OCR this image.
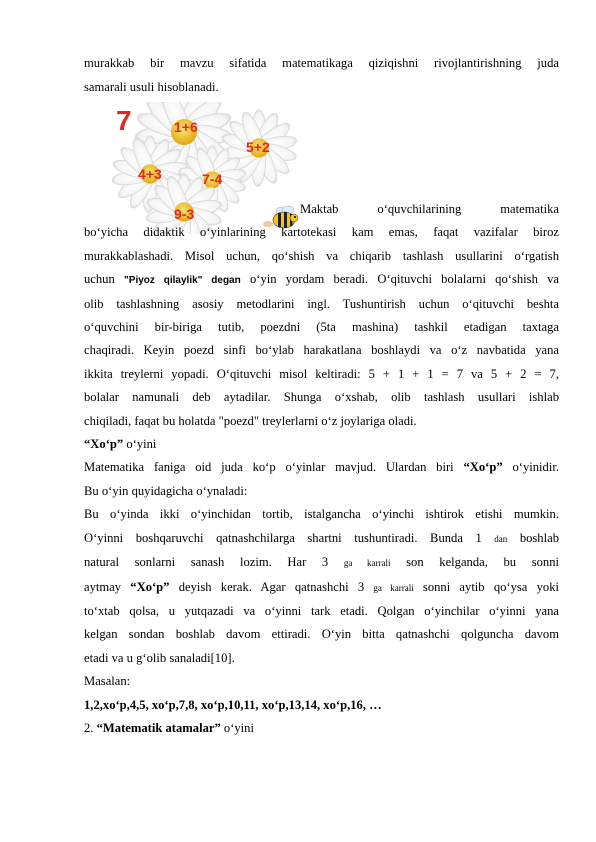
murakkab bir mavzu sifatida matematikaga qiziqishni rivojlantirishning juda

samarali usuli hisoblanadi.

7	1+6
5+2
4+3	7-4
9-3	Maktab	o‘quvchilarining	matematika

bo‘yicha didaktik o‘yinlarining kartotekasi kam emas, faqat vazifalar biroz

murakkablashadi. Misol uchun, qo‘shish va chiqarib tashlash usullarini o‘rgatish

uchun "Piyoz qilaylik" degan o‘yin yordam beradi. O‘qituvchi bolalarni qo‘shish va

olib tashlashning asosiy metodlarini ingl. Tushuntirish uchun o‘qituvchi beshta

o‘quvchini bir-biriga tutib, poezdni (5ta mashina) tashkil etadigan taxtaga

chaqiradi. Keyin poezd sinfi bo‘ylab harakatlana boshlaydi va o‘z navbatida yana

ikkita treylerni yopadi. O‘qituvchi misol keltiradi: 5 + 1 + 1 = 7 va 5 + 2 = 7,

bolalar namunali deb aytadilar. Shunga o‘xshab, olib tashlash usullari ishlab

chiqiladi, faqat bu holatda "poezd" treylerlarni o‘z joylariga oladi.

“Xo‘p” o‘yini

Matematika faniga oid juda ko‘p o‘yinlar mavjud. Ulardan biri “Xo‘p” o‘yinidir.

Bu o‘yin quyidagicha o‘ynaladi:

Bu o‘yinda ikki o‘yinchidan tortib, istalgancha o‘yinchi ishtirok etishi mumkin.

O‘yinni boshqaruvchi qatnashchilarga shartni tushuntiradi. Bunda 1 dan boshlab

natural sonlarni sanash lozim. Har 3 ga karrali son kelganda, bu sonni

aytmay “Xo‘p” deyish kerak. Agar qatnashchi 3 ga karrali sonni aytib qo‘ysa yoki

to‘xtab qolsa, u yutqazadi va o‘yinni tark etadi. Qolgan o‘yinchilar o‘yinni yana

kelgan sondan boshlab davom ettiradi. O‘yin bitta qatnashchi qolguncha davom

etadi va u g‘olib sanaladi[10].

Masalan:

1,2,xo‘p,4,5, xo‘p,7,8, xo‘p,10,11, xo‘p,13,14, xo‘p,16, …

2. “Matematik atamalar” o‘yini
